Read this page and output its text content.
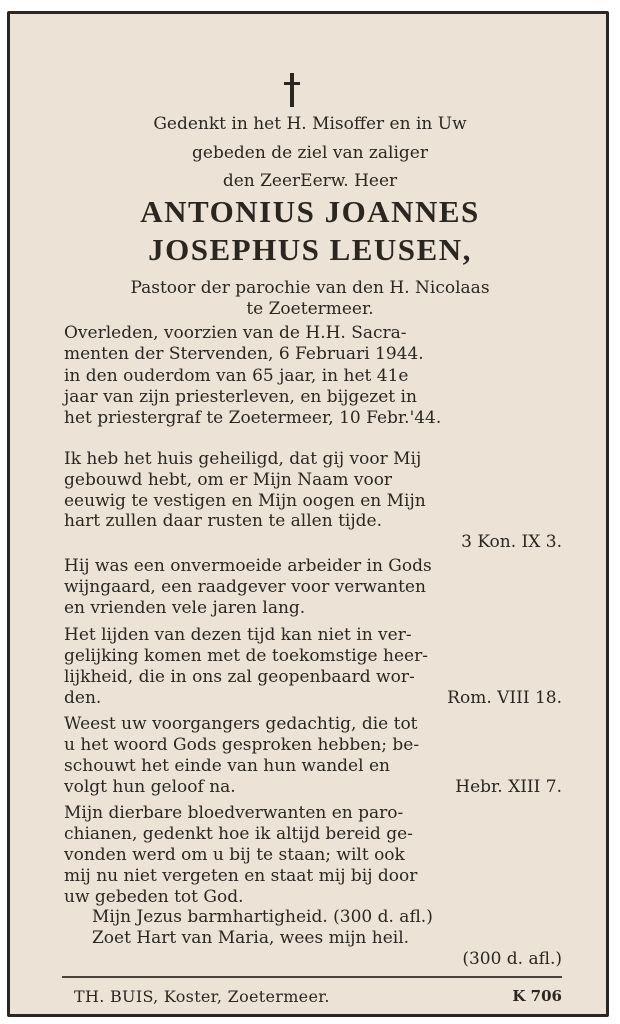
Gedenkt in het H. Misoffer en in Uw
gebeden de ziel van zaliger
den ZeerEerw. Heer
ANTONIUS JOANNES
JOSEPHUS LEUSEN,
Pastoor der parochie van den H. Nicolaas
te Zoetermeer.
Overleden, voorzien van de H.H. Sacra-
menten der Stervenden, 6 Februari 1944.
in den ouderdom van 65 jaar, in het 41e
jaar van zijn priesterleven, en bijgezet in
het priestergraf te Zoetermeer, 10 Febr.'44.
Ik heb het huis geheiligd, dat gij voor Mij
gebouwd hebt, om er Mijn Naam voor
eeuwig te vestigen en Mijn oogen en Mijn
hart zullen daar rusten te allen tijde.
3 Kon. IX 3.
Hij was een onvermoeide arbeider in Gods
wijngaard, een raadgever voor verwanten
en vrienden vele jaren lang.
Het lijden van dezen tijd kan niet in ver-
gelijking komen met de toekomstige heer-
lijkheid, die in ons zal geopenbaard wor-
den.	Rom. VIII 18.
Weest uw voorgangers gedachtig, die tot
u het woord Gods gesproken hebben; be-
schouwt het einde van hun wandel en
volgt hun geloof na.	Hebr. XIII 7.
Mijn dierbare bloedverwanten en paro-
chianen, gedenkt hoe ik altijd bereid ge-
vonden werd om u bij te staan; wilt ook
mij nu niet vergeten en staat mij bij door
uw gebeden tot God.
Mijn Jezus barmhartigheid. (300 d. afl.)
Zoet Hart van Maria, wees mijn heil.
(300 d. afl.)
TH. BUIS, Koster, Zoetermeer.	K 706
